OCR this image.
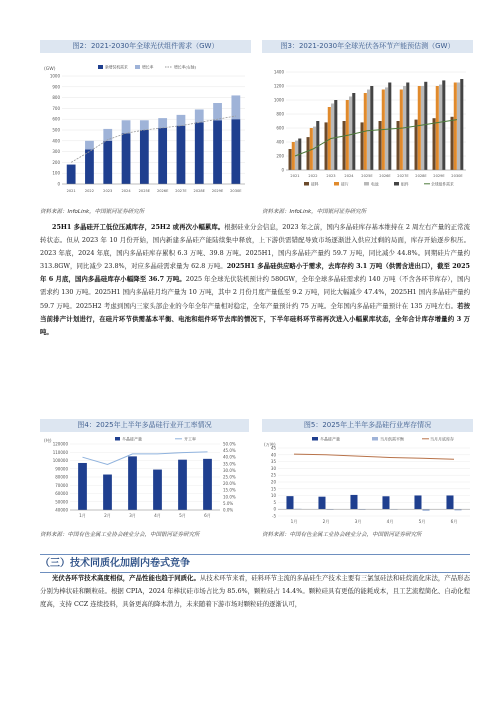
图2：2021-2030年全球光伏组件需求（GW）	图3：2021-2030年全球光伏各环节产能预估测（GW）
(GW)	新增装机需求	增长率	增长率(右轴)
0
100
200
300
400
500
600
700
800
900
1000
2021	2022	2023	2024 2025E 2026E 2027E 2028E 2029E 2030E
0
200
400
600
800
1000
1200
1400
2021 2022 2023 2024 2025E 2026E 2027E 2028E 2029E 2030E
硅料	硅片	电池	组件	全球组件需求
资料来源：InfoLink，中国银河证券研究所	资料来源：InfoLink，中国银河证券研究所
25H1 多晶硅开工低位压减库存，25H2 或再次小幅累库。根据硅业分会信息，2023 年之前，国内多晶硅库存基本维持在 2 周左右产量的正常流转状态。但从 2023 年 10 月份开始，国内新建多晶硅产能陆续集中释放，上下游供需错配导致市场逐渐进入供应过剩的局面，库存开始逐步积压。2023 年底，2024 年底，国内多晶硅库存累积 6.3 万吨、39.8 万吨。2025H1，国内多晶硅产量约 59.7 万吨，同比减少 44.8%。同期硅片产量约 313.8GW，同比减少 23.8%，对应多晶硅需求量为 62.8 万吨。2025H1 多晶硅供应略小于需求，去库存约 3.1 万吨（供需含进出口），截至 2025 年 6 月底，国内多晶硅库存小幅降至 36.7 万吨。2025 年全球光伏装机预计约 580GW，全年全球多晶硅需求约 140 万吨（不含各环节库存），国内需求约 130 万吨。2025H1 国内多晶硅月均产量为 10 万吨，其中 2 月份月度产量低至 9.2 万吨，同比大幅减少 47.4%，2025H1 国内多晶硅产量约 59.7 万吨。2025H2 考虑到国内三家头部企业的今年全年产量相对稳定，全年产量预计约 75 万吨。全年国内多晶硅产量预计在 135 万吨左右。若按当前排产计划进行，在硅片环节供需基本平衡、电池和组件环节去库的情况下，下半年硅料环节将再次进入小幅累库状态，全年合计库存增量约 3 万吨。
图4：2025年上半年多晶硅行业开工率情况	图5：2025年上半年多晶硅行业库存情况
(吨)
40000
50000
60000
70000
80000
90000
100000
110000
120000
0.0%
5.0%
10.0%
15.0%
20.0%
25.0%
30.0%
35.0%
40.0%
45.0%
50.0%
1月	2月	3月	4月	5月	6月
多晶硅产量	开工率
(万吨)
-5
0
5
10
15
20
25
30
35
40
45
1月	2月	3月	4月	5月	6月
多晶硅产量	当月供需平衡	当月月底库存
资料来源：中国有色金属工业协会硅业分会，中国银河证券研究所	资料来源：中国有色金属工业协会硅业分会，中国银河证券研究所
（三）技术同质化加剧内卷式竞争
光伏各环节技术高度相似，产品性能也趋于同质化。从技术环节来看，硅料环节主流的多晶硅生产技术主要有三氯氢硅法和硅烷流化床法，产品形态分别为棒状硅和颗粒硅。根据 CPIA，2024 年棒状硅市场占比为 85.6%，颗粒硅占 14.4%。颗粒硅具有更低的能耗成本，且工艺流程简化、自动化程度高，支持 CCZ 连续投料，具备更高的降本潜力，未来随着下游市场对颗粒硅的逐渐认可，
